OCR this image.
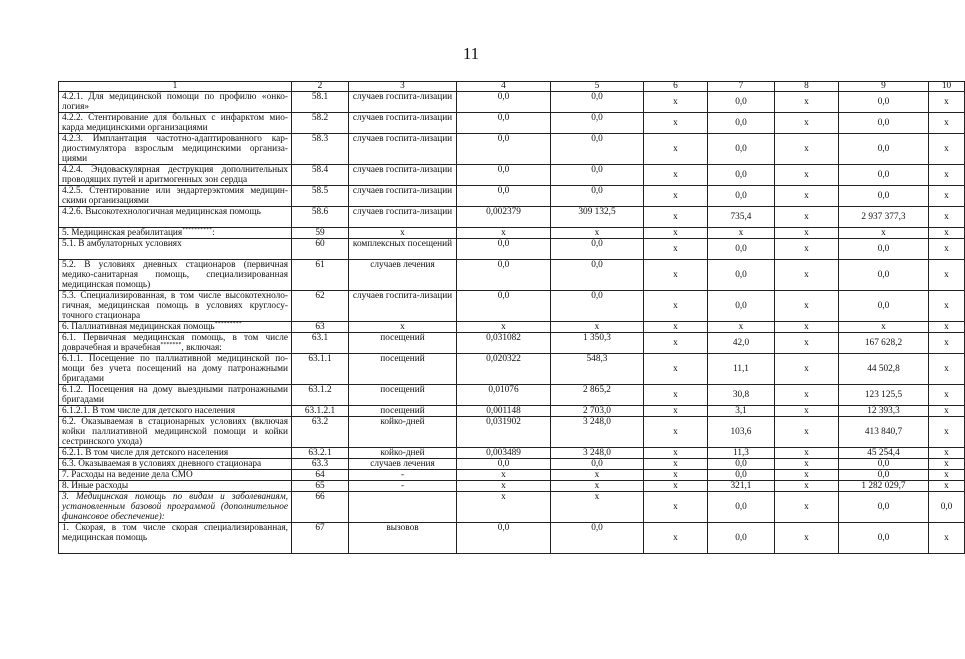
11
1	2	3	4	5	6	7	8	9	10
4.2.1. Для медицинской помощи по профилю «онко-логия»	58.1	случаев госпита-лизации	0,0	0,0	х	0,0	х	0,0	х
4.2.2. Стентирование для больных с инфарктом мио-карда медицинскими организациями	58.2	случаев госпита-лизации	0,0	0,0	х	0,0	х	0,0	х
4.2.3. Имплантация частотно-адаптированного кар-диостимулятора взрослым медицинскими организа-циями	58.3	случаев госпита-лизации	0,0	0,0	х	0,0	х	0,0	х
4.2.4. Эндоваскулярная деструкция дополнительных проводящих путей и аритмогенных зон сердца	58.4	случаев госпита-лизации	0,0	0,0	х	0,0	х	0,0	х
4.2.5. Стентирование или эндартерэктомия медицин-скими организациями	58.5	случаев госпита-лизации	0,0	0,0	х	0,0	х	0,0	х
4.2.6. Высокотехнологичная медицинская помощь	58.6	случаев госпита-лизации	0,002379	309 132,5	х	735,4	х	2 937 377,3	х
5. Медицинская реабилитация**********:	59	х	х	х	х	х	х	х	х
5.1. В амбулаторных условиях	60	комплексных посещений	0,0	0,0	х	0,0	х	0,0	х
5.2. В условиях дневных стационаров (первичная медико-санитарная помощь, специализированная медицинская помощь)	61	случаев лечения	0,0	0,0	х	0,0	х	0,0	х
5.3. Специализированная, в том числе высокотехноло-гичная, медицинская помощь в условиях круглосу-точного стационара	62	случаев госпита-лизации	0,0	0,0	х	0,0	х	0,0	х
6. Паллиативная медицинская помощь*********	63	х	х	х	х	х	х	х	х
6.1. Первичная медицинская помощь, в том числе доврачебная и врачебная*******, включая:	63.1	посещений	0,031082	1 350,3	х	42,0	х	167 628,2	х
6.1.1. Посещение по паллиативной медицинской по-мощи без учета посещений на дому патронажными бригадами	63.1.1	посещений	0,020322	548,3	х	11,1	х	44 502,8	х
6.1.2. Посещения на дому выездными патронажными бригадами	63.1.2	посещений	0,01076	2 865,2	х	30,8	х	123 125,5	х
6.1.2.1. В том числе для детского населения	63.1.2.1	посещений	0,001148	2 703,0	х	3,1	х	12 393,3	х
6.2. Оказываемая в стационарных условиях (включая койки паллиативной медицинской помощи и койки сестринского ухода)	63.2	койко-дней	0,031902	3 248,0	х	103,6	х	413 840,7	х
6.2.1. В том числе для детского населения	63.2.1	койко-дней	0,003489	3 248,0	х	11,3	х	45 254,4	х
6.3. Оказываемая в условиях дневного стационара	63.3	случаев лечения	0,0	0,0	х	0,0	х	0,0	х
7. Расходы на ведение дела СМО	64	-	х	х	х	0,0	х	0,0	х
8. Иные расходы	65	-	х	х	х	321,1	х	1 282 029,7	х
3. Медицинская помощь по видам и заболеваниям, установленным базовой программой (дополнительное финансовое обеспечение):	66		х	х	х	0,0	х	0,0	0,0
1. Скорая, в том числе скорая специализированная, медицинская помощь	67	вызовов	0,0	0,0	х	0,0	х	0,0	х
